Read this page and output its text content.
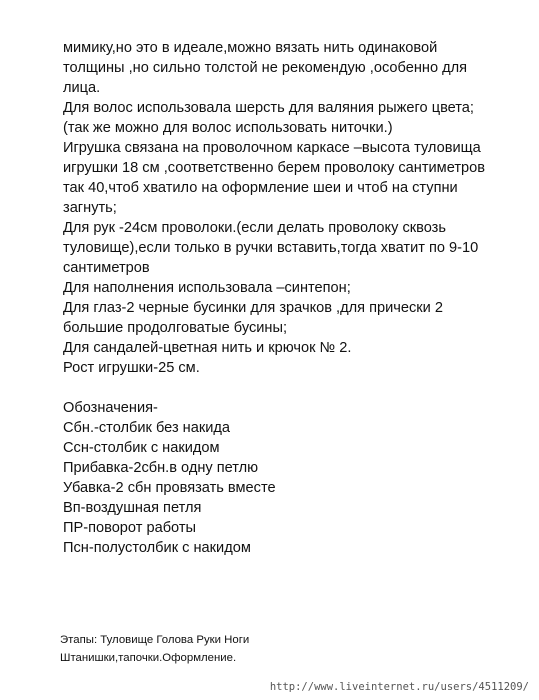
мимику,но это в идеале,можно вязать нить одинаковой
толщины ,но сильно толстой не рекомендую ,особенно для
лица.
Для волос использовала шерсть для валяния рыжего цвета;
(так же можно для волос использовать ниточки.)
Игрушка связана на проволочном каркасе –высота туловища
игрушки 18 см ,соответственно берем проволоку сантиметров
так 40,чтоб хватило на оформление шеи и чтоб на ступни
загнуть;
Для рук -24см проволоки.(если делать проволоку сквозь
туловище),если только в ручки вставить,тогда хватит по 9-10
сантиметров
Для наполнения использовала –синтепон;
Для глаз-2 черные бусинки для зрачков ,для прически 2
большие продолговатые бусины;
Для сандалей-цветная нить и крючок № 2.
Рост игрушки-25 см.
Обозначения-
Сбн.-столбик без накида
Ссн-столбик с накидом
Прибавка-2сбн.в одну петлю
Убавка-2 сбн провязать вместе
Вп-воздушная петля
ПР-поворот работы
Псн-полустолбик с накидом
Этапы: Туловище Голова Руки Ноги
Штанишки,тапочки.Оформление.
http://www.liveinternet.ru/users/4511209/
